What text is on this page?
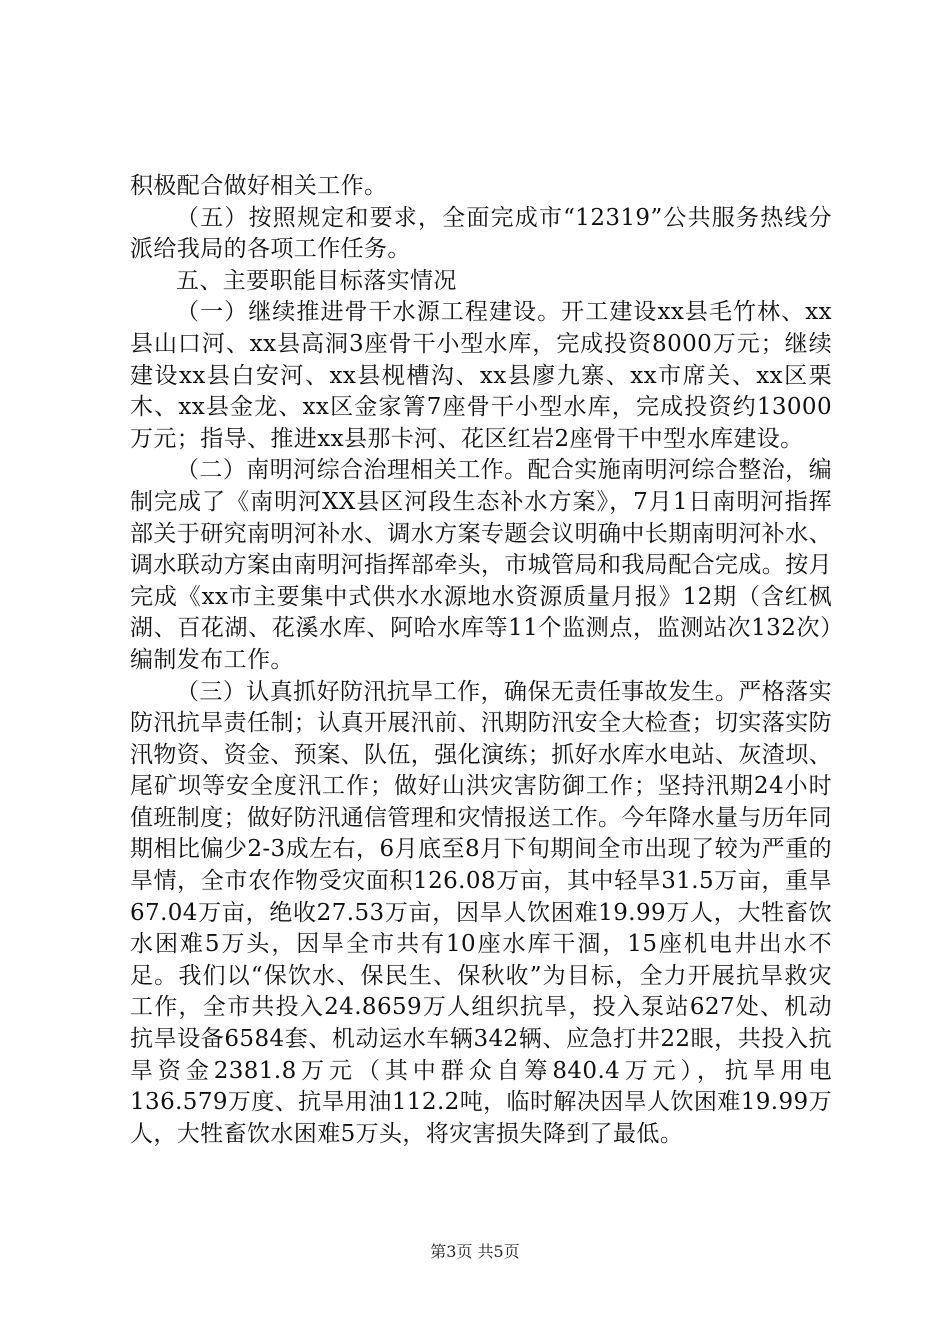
积极配合做好相关工作。

（五）按照规定和要求，全面完成市“12319”公共服务热线分派给我局的各项工作任务。

五、主要职能目标落实情况

（一）继续推进骨干水源工程建设。开工建设xx县毛竹林、xx县山口河、xx县高洞3座骨干小型水库，完成投资8000万元；继续建设xx县白安河、xx县枧槽沟、xx县廖九寨、xx市席关、xx区栗木、xx县金龙、xx区金家箐7座骨干小型水库，完成投资约13000万元；指导、推进xx县那卡河、花区红岩2座骨干中型水库建设。

（二）南明河综合治理相关工作。配合实施南明河综合整治，编制完成了《南明河XX县区河段生态补水方案》，7月1日南明河指挥部关于研究南明河补水、调水方案专题会议明确中长期南明河补水、调水联动方案由南明河指挥部牵头，市城管局和我局配合完成。按月完成《xx市主要集中式供水水源地水资源质量月报》12期（含红枫湖、百花湖、花溪水库、阿哈水库等11个监测点，监测站次132次）编制发布工作。

（三）认真抓好防汛抗旱工作，确保无责任事故发生。严格落实防汛抗旱责任制；认真开展汛前、汛期防汛安全大检查；切实落实防汛物资、资金、预案、队伍，强化演练；抓好水库水电站、灰渣坝、尾矿坝等安全度汛工作；做好山洪灾害防御工作；坚持汛期24小时值班制度；做好防汛通信管理和灾情报送工作。今年降水量与历年同期相比偏少2-3成左右，6月底至8月下旬期间全市出现了较为严重的旱情，全市农作物受灾面积126.08万亩，其中轻旱31.5万亩，重旱67.04万亩，绝收27.53万亩，因旱人饮困难19.99万人，大牲畜饮水困难5万头，因旱全市共有10座水库干涸，15座机电井出水不足。我们以“保饮水、保民生、保秋收”为目标，全力开展抗旱救灾工作，全市共投入24.8659万人组织抗旱，投入泵站627处、机动抗旱设备6584套、机动运水车辆342辆、应急打井22眼，共投入抗旱资金2381.8万元（其中群众自筹840.4万元），抗旱用电136.579万度、抗旱用油112.2吨，临时解决因旱人饮困难19.99万人，大牲畜饮水困难5万头，将灾害损失降到了最低。

第3页 共5页
